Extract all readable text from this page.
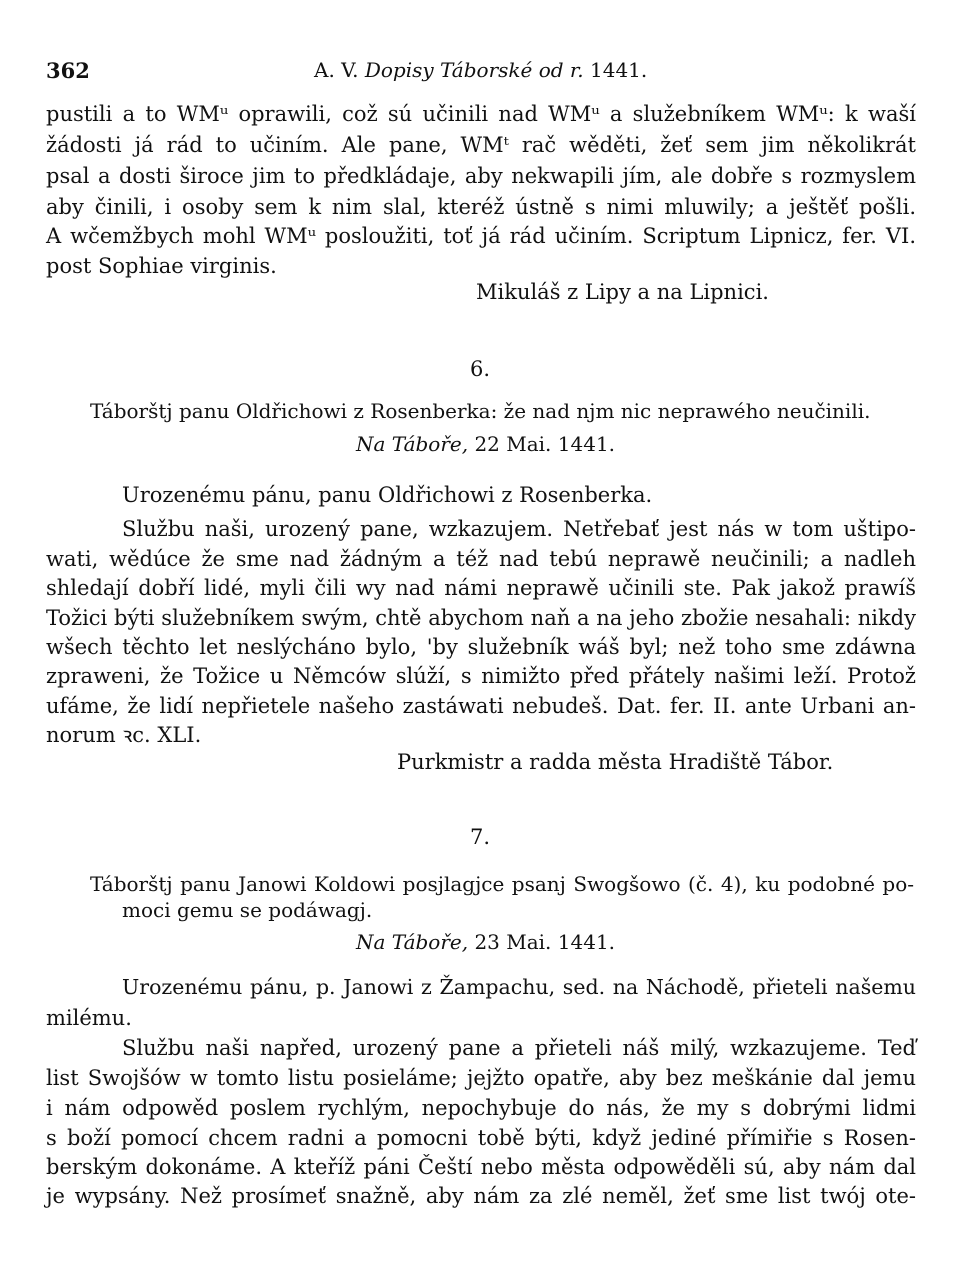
362	A. V. Dopisy Táborské od r. 1441.
pustili a to WMᵘ oprawili, což sú učinili nad WMᵘ a služebníkem WMᵘ: k waší
žádosti já rád to učiním. Ale pane, WMᵗ rač wěděti, žeť sem jim několikrát
psal a dosti široce jim to předkládaje, aby nekwapili jím, ale dobře s rozmyslem
aby činili, i osoby sem k nim slal, kteréž ústně s nimi mluwily; a ještěť pošli.
A wčemžbych mohl WMᵘ posloužiti, toť já rád učiním. Scriptum Lipnicz, fer. VI.
post Sophiae virginis.
Mikuláš z Lipy a na Lipnici.
6.
Táborštj panu Oldřichowi z Rosenberka: že nad njm nic neprawého neučinili.
Na Tábořе, 22 Mai. 1441.
Urozenému pánu, panu Oldřichowi z Rosenberka.
Službu naši, urozený pane, wzkazujem. Netřebať jest nás w tom uštipo-
wati, wědúce že sme nad žádným a též nad tebú neprawě neučinili; a nadleh
shledají dobří lidé, myli čili wy nad námi neprawě učinili ste. Pak jakož prawíš
Tožici býti služebníkem swým, chtě abychom naň a na jeho zbožie nesahali: nikdy
wšech těchto let neslýcháno bylo, 'by služebník wáš byl; než toho sme zdáwna
zprawеni, že Tožice u Němców slúží, s nimižto před přátely našimi leží. Protož
ufáme, že lidí nepřietele našeho zastáwati nebudeš. Dat. fer. II. ante Urbani an-
norum ꝛc. XLI.
Purkmistr a radda města Hradiště Tábor.
7.
Táborštj panu Janowi Koldowi posjlagjce psanj Swogšowo (č. 4), ku podobné po-
moci gemu se podáwagj.
Na Tábořе, 23 Mai. 1441.
Urozenému pánu, p. Janowi z Žampachu, sed. na Náchodě, přieteli našemu
milému.
Službu naši napřed, urozený pane a přieteli náš milý, wzkazujeme. Teď
list Swojšów w tomto listu posieláme; jejžto opatře, aby bez meškánie dal jemu
i nám odpowěd poslem rychlým, nepochybuje do nás, že my s dobrými lidmi
s boží pomocí chcem radni a pomocni tobě býti, když jediné přímiřie s Rosen-
berským dokonáme. A kteříž páni Čeští nebo města odpowěděli sú, aby nám dal
je wypsány. Než prosímeť snažně, aby nám za zlé neměl, žeť sme list twój ote-
